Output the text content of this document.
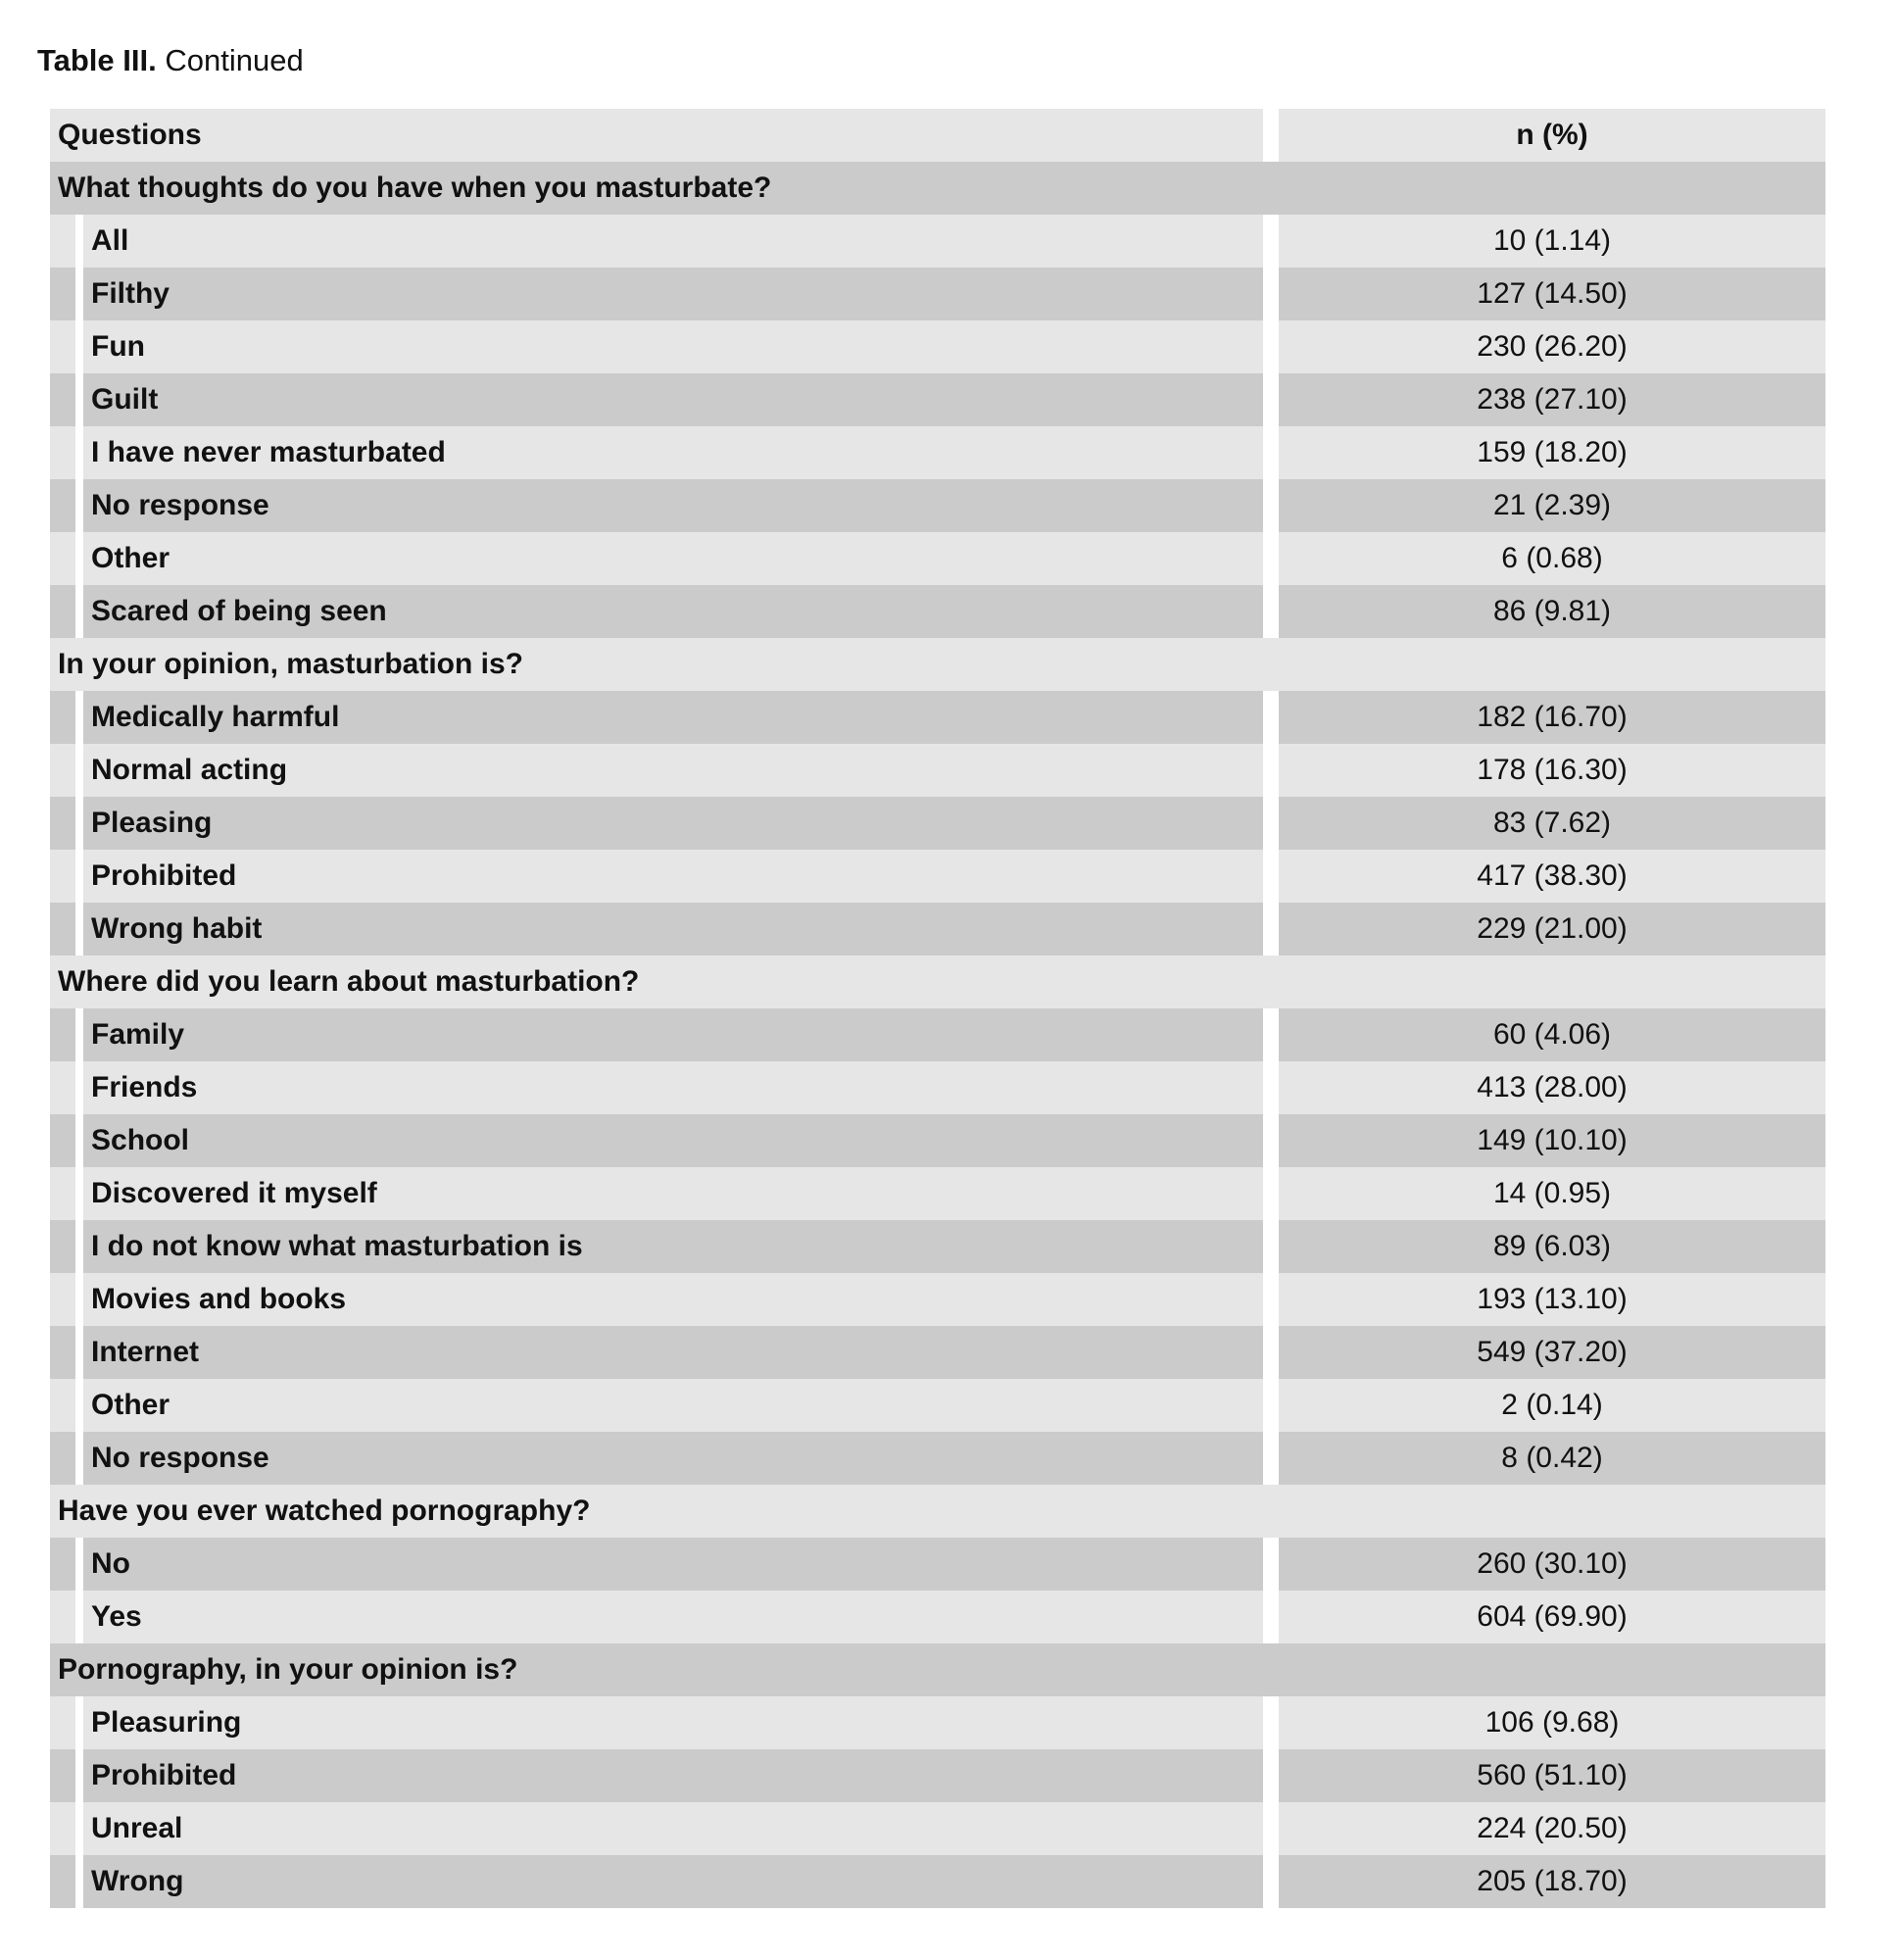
Table III. Continued
Questions	n (%)
What thoughts do you have when you masturbate?
All	10 (1.14)
Filthy	127 (14.50)
Fun	230 (26.20)
Guilt	238 (27.10)
I have never masturbated	159 (18.20)
No response	21 (2.39)
Other	6 (0.68)
Scared of being seen	86 (9.81)
In your opinion, masturbation is?
Medically harmful	182 (16.70)
Normal acting	178 (16.30)
Pleasing	83 (7.62)
Prohibited	417 (38.30)
Wrong habit	229 (21.00)
Where did you learn about masturbation?
Family	60 (4.06)
Friends	413 (28.00)
School	149 (10.10)
Discovered it myself	14 (0.95)
I do not know what masturbation is	89 (6.03)
Movies and books	193 (13.10)
Internet	549 (37.20)
Other	2 (0.14)
No response	8 (0.42)
Have you ever watched pornography?
No	260 (30.10)
Yes	604 (69.90)
Pornography, in your opinion is?
Pleasuring	106 (9.68)
Prohibited	560 (51.10)
Unreal	224 (20.50)
Wrong	205 (18.70)
